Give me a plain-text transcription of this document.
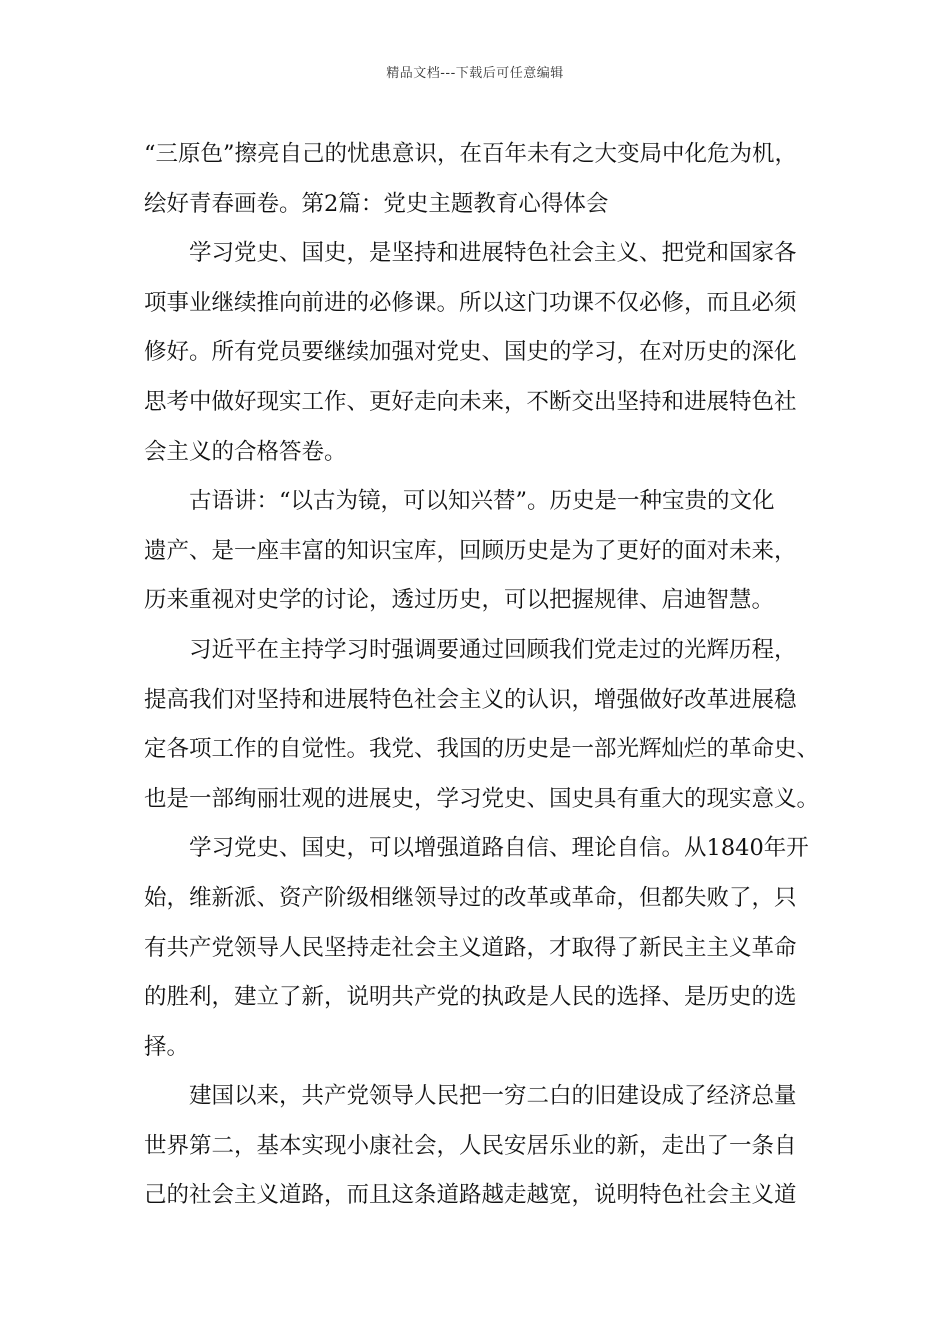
精品文档---下载后可任意编辑
“三原色”擦亮自己的忧患意识，在百年未有之大变局中化危为机，
绘好青春画卷。第2篇：党史主题教育心得体会
学习党史、国史，是坚持和进展特色社会主义、把党和国家各
项事业继续推向前进的必修课。所以这门功课不仅必修，而且必须
修好。所有党员要继续加强对党史、国史的学习，在对历史的深化
思考中做好现实工作、更好走向未来，不断交出坚持和进展特色社
会主义的合格答卷。
古语讲：“以古为镜，可以知兴替”。历史是一种宝贵的文化
遗产、是一座丰富的知识宝库，回顾历史是为了更好的面对未来，
历来重视对史学的讨论，透过历史，可以把握规律、启迪智慧。
习近平在主持学习时强调要通过回顾我们党走过的光辉历程，
提高我们对坚持和进展特色社会主义的认识，增强做好改革进展稳
定各项工作的自觉性。我党、我国的历史是一部光辉灿烂的革命史、
也是一部绚丽壮观的进展史，学习党史、国史具有重大的现实意义。
学习党史、国史，可以增强道路自信、理论自信。从1840年开
始，维新派、资产阶级相继领导过的改革或革命，但都失败了，只
有共产党领导人民坚持走社会主义道路，才取得了新民主主义革命
的胜利，建立了新，说明共产党的执政是人民的选择、是历史的选
择。
建国以来，共产党领导人民把一穷二白的旧建设成了经济总量
世界第二，基本实现小康社会，人民安居乐业的新，走出了一条自
己的社会主义道路，而且这条道路越走越宽，说明特色社会主义道
